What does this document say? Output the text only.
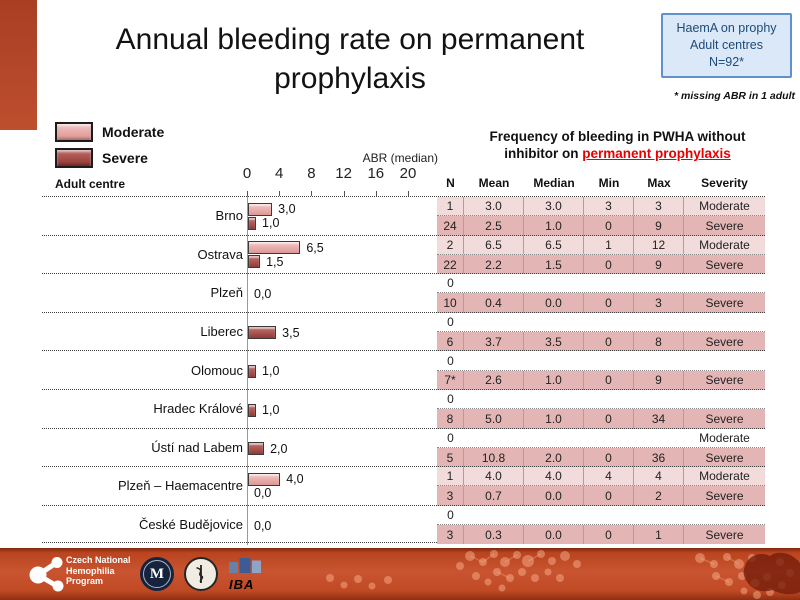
Annual bleeding rate on permanent prophylaxis
HaemA on prophy
Adult centres
N=92*
* missing ABR in 1 adult
Moderate
Severe	ABR (median)
Adult centre
0 4 8 12 16 20
Frequency of bleeding in PWHA without
inhibitor on permanent prophylaxis
N	Mean	Median	Min	Max	Severity
Brno	3,0
1,0
1	3.0	3.0	3	3	Moderate
24	2.5	1.0	0	9	Severe
Ostrava	6,5
1,5
2	6.5	6.5	1	12	Moderate
22	2.2	1.5	0	9	Severe
Plzeň 0,0
0
10	0.4	0.0	0	3	Severe
Liberec	3,5
0
6	3.7	3.5	0	8	Severe
Olomouc 1,0
0
7*	2.6	1.0	0	9	Severe
Hradec Králové 1,0
0
8	5.0	1.0	0	34	Severe
Ústí nad Labem 2,0
0	Moderate
5	10.8	2.0	0	36	Severe
Plzeň – Haemacentre	4,0
0,0
1	4.0	4.0	4	4	Moderate
3	0.7	0.0	0	2	Severe
České Budějovice 0,0
0
3	0.3	0.0	0	1	Severe
Czech National
Hemophilia
Program	M
IBA
